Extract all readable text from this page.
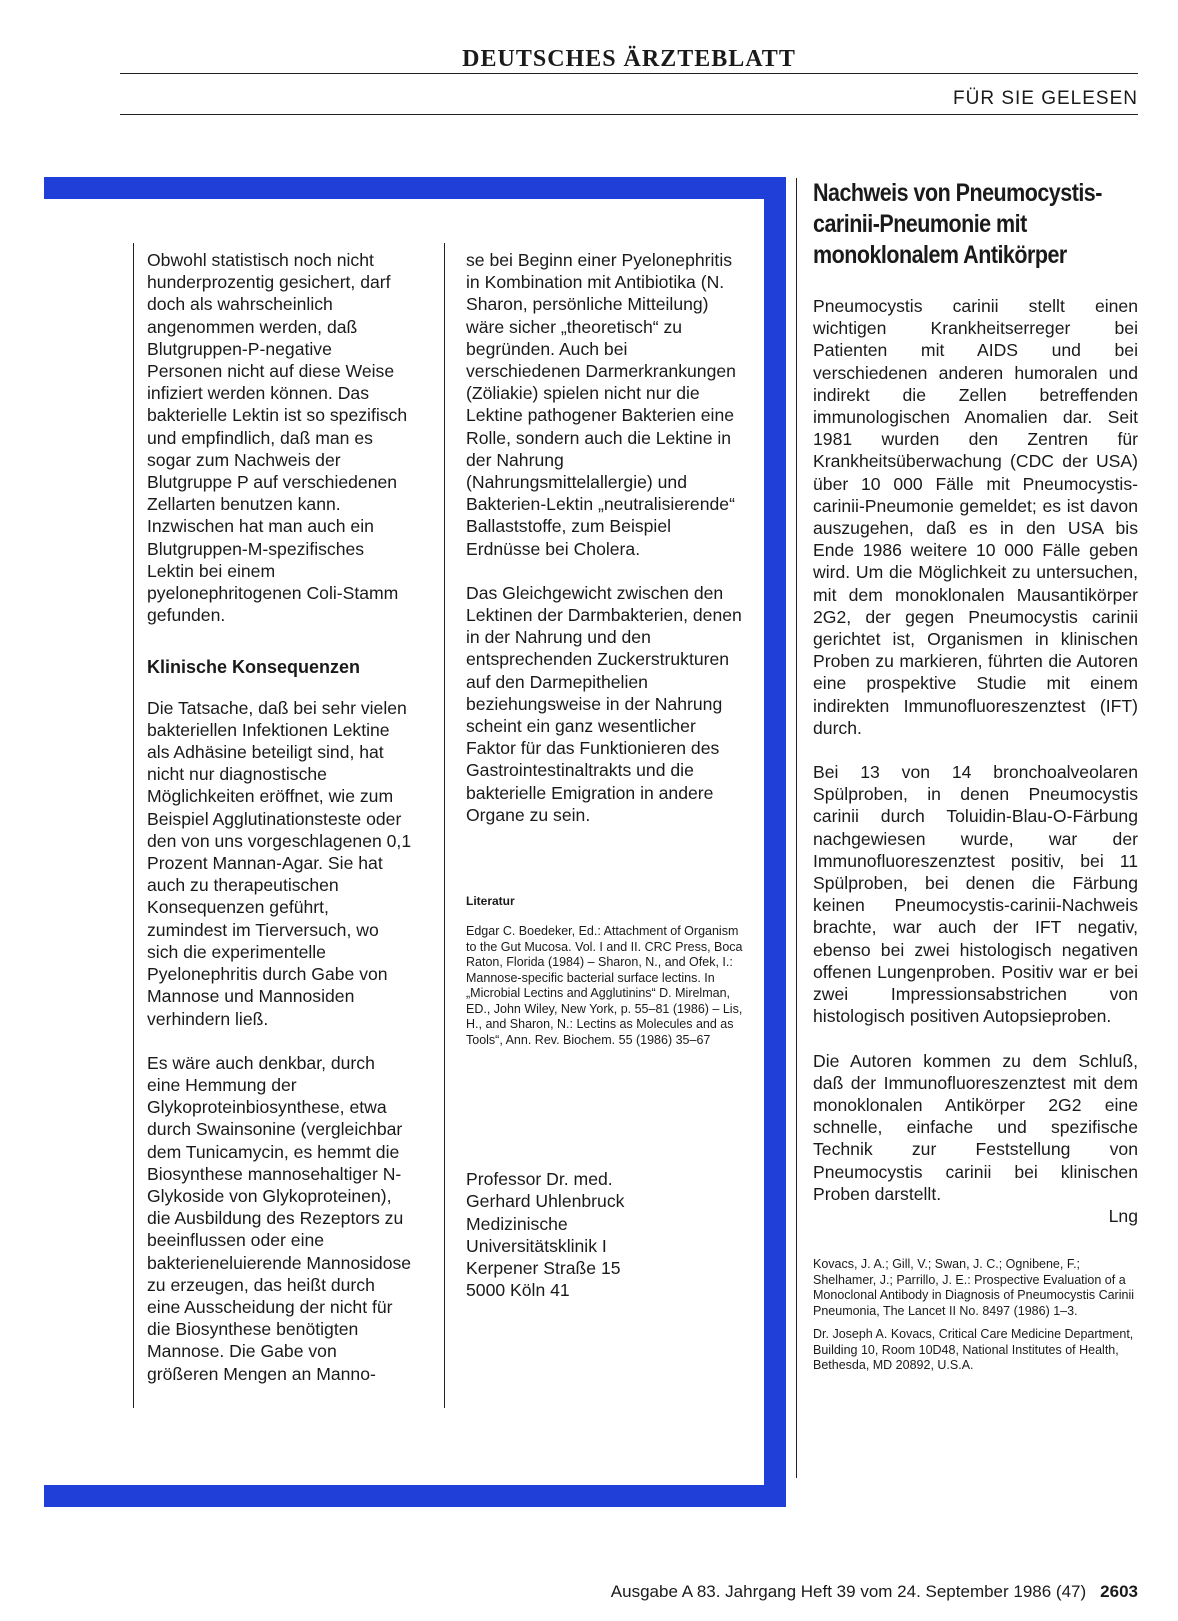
DEUTSCHES ÄRZTEBLATT
FÜR SIE GELESEN

Obwohl statistisch noch nicht hunderprozentig gesichert, darf doch als wahrscheinlich angenommen werden, daß Blutgruppen-P-negative Personen nicht auf diese Weise infiziert werden können. Das bakterielle Lektin ist so spezifisch und empfindlich, daß man es sogar zum Nachweis der Blutgruppe P auf verschiedenen Zellarten benutzen kann. Inzwischen hat man auch ein Blutgruppen-M-spezifisches Lektin bei einem pyelonephritogenen Coli-Stamm gefunden.

Klinische Konsequenzen

Die Tatsache, daß bei sehr vielen bakteriellen Infektionen Lektine als Adhäsine beteiligt sind, hat nicht nur diagnostische Möglichkeiten eröffnet, wie zum Beispiel Agglutinationsteste oder den von uns vorgeschlagenen 0,1 Prozent Mannan-Agar. Sie hat auch zu therapeutischen Konsequenzen geführt, zumindest im Tierversuch, wo sich die experimentelle Pyelonephritis durch Gabe von Mannose und Mannosiden verhindern ließ.

Es wäre auch denkbar, durch eine Hemmung der Glykoproteinbiosynthese, etwa durch Swainsonine (vergleichbar dem Tunicamycin, es hemmt die Biosynthese mannosehaltiger N-Glykoside von Glykoproteinen), die Ausbildung des Rezeptors zu beeinflussen oder eine bakterieneluierende Mannosidose zu erzeugen, das heißt durch eine Ausscheidung der nicht für die Biosynthese benötigten Mannose. Die Gabe von größeren Mengen an Manno-

se bei Beginn einer Pyelonephritis in Kombination mit Antibiotika (N. Sharon, persönliche Mitteilung) wäre sicher „theoretisch“ zu begründen. Auch bei verschiedenen Darmerkrankungen (Zöliakie) spielen nicht nur die Lektine pathogener Bakterien eine Rolle, sondern auch die Lektine in der Nahrung (Nahrungsmittelallergie) und Bakterien-Lektin „neutralisierende“ Ballaststoffe, zum Beispiel Erdnüsse bei Cholera.

Das Gleichgewicht zwischen den Lektinen der Darmbakterien, denen in der Nahrung und den entsprechenden Zuckerstrukturen auf den Darmepithelien beziehungsweise in der Nahrung scheint ein ganz wesentlicher Faktor für das Funktionieren des Gastrointestinaltrakts und die bakterielle Emigration in andere Organe zu sein.

Literatur

Edgar C. Boedeker, Ed.: Attachment of Organism to the Gut Mucosa. Vol. I and II. CRC Press, Boca Raton, Florida (1984) – Sharon, N., and Ofek, I.: Mannose-specific bacterial surface lectins. In „Microbial Lectins and Agglutinins“ D. Mirelman, ED., John Wiley, New York, p. 55–81 (1986) – Lis, H., and Sharon, N.: Lectins as Molecules and as Tools“, Ann. Rev. Biochem. 55 (1986) 35–67

Professor Dr. med.
Gerhard Uhlenbruck
Medizinische
Universitätsklinik I
Kerpener Straße 15
5000 Köln 41
Nachweis von Pneumocystis-carinii-Pneumonie mit monoklonalem Antikörper

Pneumocystis carinii stellt einen wichtigen Krankheitserreger bei Patienten mit AIDS und bei verschiedenen anderen humoralen und indirekt die Zellen betreffenden immunologischen Anomalien dar. Seit 1981 wurden den Zentren für Krankheitsüberwachung (CDC der USA) über 10 000 Fälle mit Pneumocystis-carinii-Pneumonie gemeldet; es ist davon auszugehen, daß es in den USA bis Ende 1986 weitere 10 000 Fälle geben wird. Um die Möglichkeit zu untersuchen, mit dem monoklonalen Mausantikörper 2G2, der gegen Pneumocystis carinii gerichtet ist, Organismen in klinischen Proben zu markieren, führten die Autoren eine prospektive Studie mit einem indirekten Immunofluoreszenztest (IFT) durch.

Bei 13 von 14 bronchoalveolaren Spülproben, in denen Pneumocystis carinii durch Toluidin-Blau-O-Färbung nachgewiesen wurde, war der Immunofluoreszenztest positiv, bei 11 Spülproben, bei denen die Färbung keinen Pneumocystis-carinii-Nachweis brachte, war auch der IFT negativ, ebenso bei zwei histologisch negativen offenen Lungenproben. Positiv war er bei zwei Impressionsabstrichen von histologisch positiven Autopsieproben.

Die Autoren kommen zu dem Schluß, daß der Immunofluoreszenztest mit dem monoklonalen Antikörper 2G2 eine schnelle, einfache und spezifische Technik zur Feststellung von Pneumocystis carinii bei klinischen Proben darstellt.

Lng

Kovacs, J. A.; Gill, V.; Swan, J. C.; Ognibene, F.; Shelhamer, J.; Parrillo, J. E.: Prospective Evaluation of a Monoclonal Antibody in Diagnosis of Pneumocystis Carinii Pneumonia, The Lancet II No. 8497 (1986) 1–3.

Dr. Joseph A. Kovacs, Critical Care Medicine Department, Building 10, Room 10D48, National Institutes of Health, Bethesda, MD 20892, U.S.A.

Ausgabe A 83. Jahrgang Heft 39 vom 24. September 1986 (47) 2603
